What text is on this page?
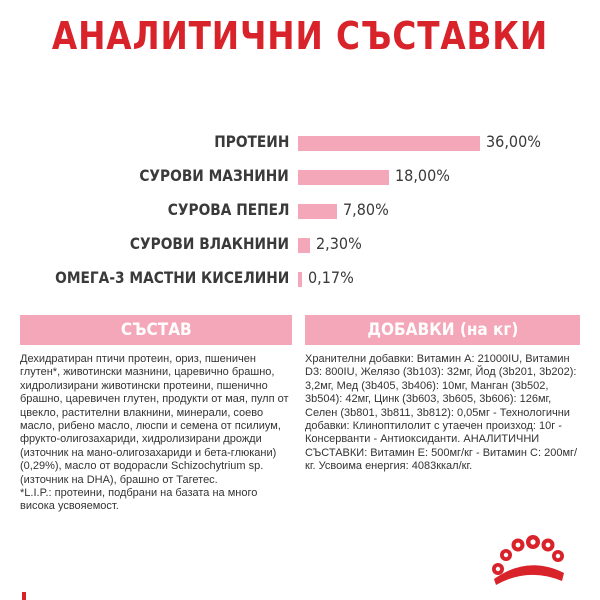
АНАЛИТИЧНИ СЪСТАВКИ
ПРОТЕИН	36,00%
СУРОВИ МАЗНИНИ	18,00%
СУРОВА ПЕПЕЛ	7,80%
СУРОВИ ВЛАКНИНИ 2,30%
ОМЕГА-3 МАСТНИ КИСЕЛИНИ 0,17%
СЪСТАВ

Дехидратиран птичи протеин, ориз, пшеничен глутен*, животински мазнини, царевично брашно, хидролизирани животински протеини, пшенично брашно, царевичен глутен, продукти от мая, пулп от цвекло, растителни влакнини, минерали, соево масло, рибено масло, люспи и семена от псилиум, фрукто-олигозахариди, хидролизирани дрожди (източник на мано-олигозахариди и бета-глюкани) (0,29%), масло от водорасли Schizochytrium sp. (източник на DHA), брашно от Тагетес.

*L.I.P.: протеини, подбрани на базата на много висока усвояемост.

ДОБАВКИ (на кг)

Хранителни добавки: Витамин А: 21000IU, Витамин D3: 800IU, Желязо (3b103): 32мг, Йод (3b201, 3b202): 3,2мг, Мед (3b405, 3b406): 10мг, Манган (3b502, 3b504): 42мг, Цинк (3b603, 3b605, 3b606): 126мг, Селен (3b801, 3b811, 3b812): 0,05мг - Технологични добавки: Клиноптилолит с утаечен произход: 10г - Консерванти - Антиоксиданти. АНАЛИТИЧНИ СЪСТАВКИ: Витамин Е: 500мг/кг - Витамин С: 200мг/кг. Усвоима енергия: 4083ккал/кг.
